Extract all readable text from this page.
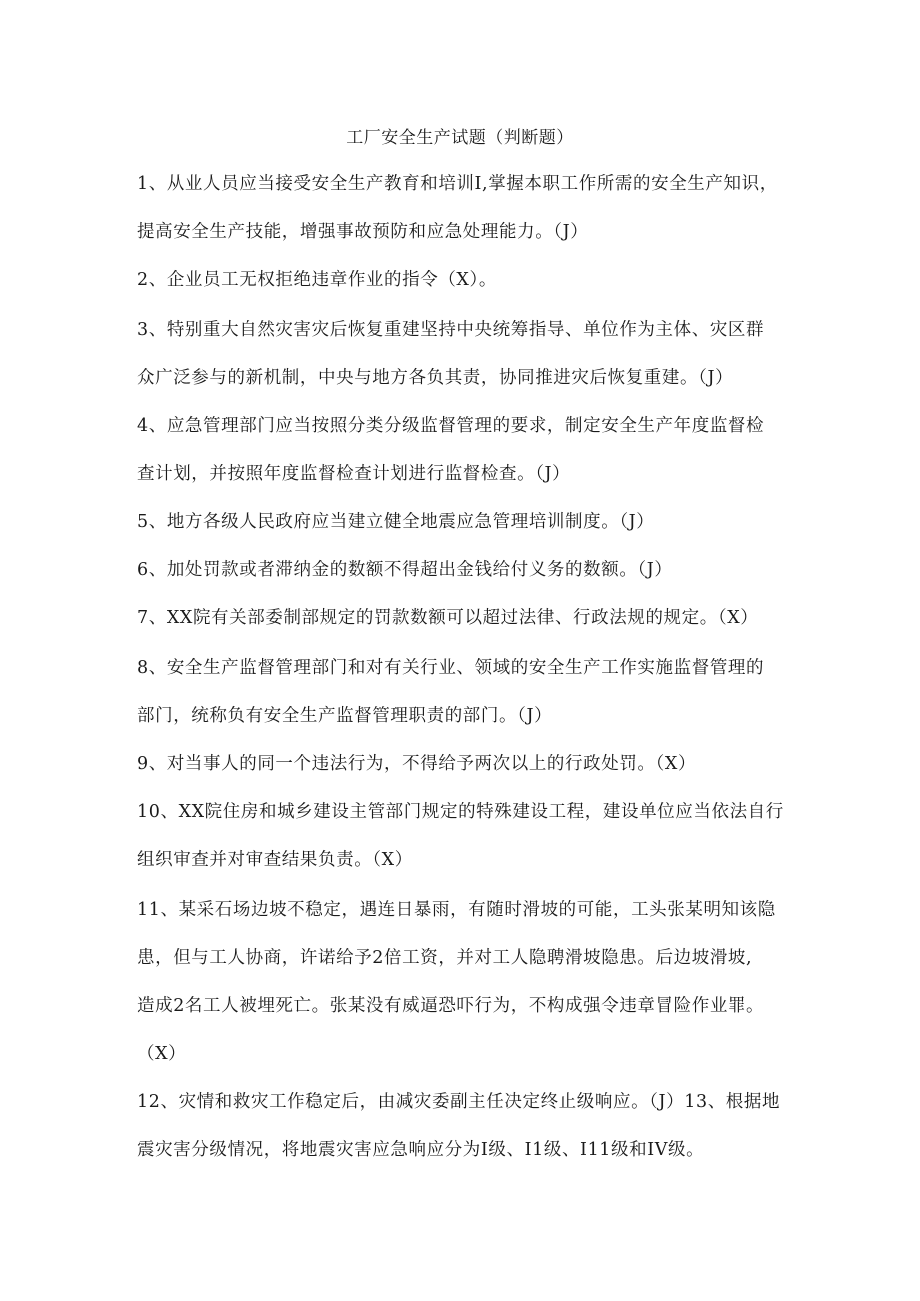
工厂安全生产试题（判断题）
1、从业人员应当接受安全生产教育和培训I,掌握本职工作所需的安全生产知识，
提高安全生产技能，增强事故预防和应急处理能力。（J）
2、企业员工无权拒绝违章作业的指令（X）。
3、特别重大自然灾害灾后恢复重建坚持中央统筹指导、单位作为主体、灾区群
众广泛参与的新机制，中央与地方各负其责，协同推进灾后恢复重建。（J）
4、应急管理部门应当按照分类分级监督管理的要求，制定安全生产年度监督检
查计划，并按照年度监督检查计划进行监督检查。（J）
5、地方各级人民政府应当建立健全地震应急管理培训制度。（J）
6、加处罚款或者滞纳金的数额不得超出金钱给付义务的数额。（J）
7、XX院有关部委制部规定的罚款数额可以超过法律、行政法规的规定。（X）
8、安全生产监督管理部门和对有关行业、领域的安全生产工作实施监督管理的
部门，统称负有安全生产监督管理职责的部门。（J）
9、对当事人的同一个违法行为，不得给予两次以上的行政处罚。（X）
10、XX院住房和城乡建设主管部门规定的特殊建设工程，建设单位应当依法自行
组织审查并对审查结果负责。（X）
11、某采石场边坡不稳定，遇连日暴雨，有随时滑坡的可能，工头张某明知该隐
患，但与工人协商，许诺给予2倍工资，并对工人隐聘滑坡隐患。后边坡滑坡,
造成2名工人被埋死亡。张某没有威逼恐吓行为，不构成强令违章冒险作业罪。
（X）
12、灾情和救灾工作稳定后，由减灾委副主任决定终止级响应。（J）13、根据地
震灾害分级情况，将地震灾害应急响应分为I级、I1级、I11级和IV级。
